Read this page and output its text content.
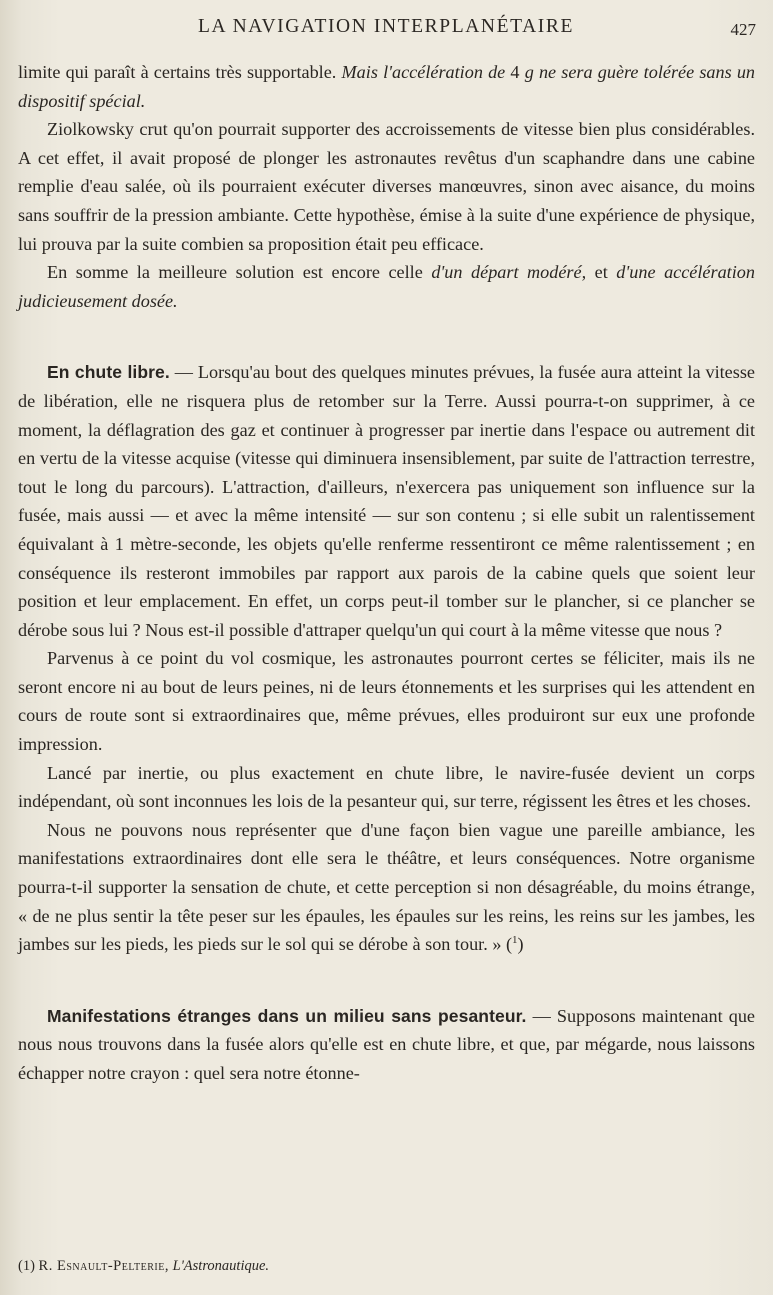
LA NAVIGATION INTERPLANÉTAIRE	427

limite qui paraît à certains très supportable. Mais l'accélération de 4 g ne sera guère tolérée sans un dispositif spécial.

Ziolkowsky crut qu'on pourrait supporter des accroissements de vitesse bien plus considérables. A cet effet, il avait proposé de plonger les astronautes revêtus d'un scaphandre dans une cabine remplie d'eau salée, où ils pourraient exécuter diverses manœuvres, sinon avec aisance, du moins sans souffrir de la pression ambiante. Cette hypothèse, émise à la suite d'une expérience de physique, lui prouva par la suite combien sa proposition était peu efficace.

En somme la meilleure solution est encore celle d'un départ modéré, et d'une accélération judicieusement dosée.

En chute libre. — Lorsqu'au bout des quelques minutes prévues, la fusée aura atteint la vitesse de libération, elle ne risquera plus de retomber sur la Terre. Aussi pourra-t-on supprimer, à ce moment, la déflagration des gaz et continuer à progresser par inertie dans l'espace ou autrement dit en vertu de la vitesse acquise (vitesse qui diminuera insensiblement, par suite de l'attraction terrestre, tout le long du parcours). L'attraction, d'ailleurs, n'exercera pas uniquement son influence sur la fusée, mais aussi — et avec la même intensité — sur son contenu ; si elle subit un ralentissement équivalant à 1 mètre-seconde, les objets qu'elle renferme ressentiront ce même ralentissement ; en conséquence ils resteront immobiles par rapport aux parois de la cabine quels que soient leur position et leur emplacement. En effet, un corps peut-il tomber sur le plancher, si ce plancher se dérobe sous lui ? Nous est-il possible d'attraper quelqu'un qui court à la même vitesse que nous ?

Parvenus à ce point du vol cosmique, les astronautes pourront certes se féliciter, mais ils ne seront encore ni au bout de leurs peines, ni de leurs étonnements et les surprises qui les attendent en cours de route sont si extraordinaires que, même prévues, elles produiront sur eux une profonde impression.

Lancé par inertie, ou plus exactement en chute libre, le navire-fusée devient un corps indépendant, où sont inconnues les lois de la pesanteur qui, sur terre, régissent les êtres et les choses.

Nous ne pouvons nous représenter que d'une façon bien vague une pareille ambiance, les manifestations extraordinaires dont elle sera le théâtre, et leurs conséquences. Notre organisme pourra-t-il supporter la sensation de chute, et cette perception si non désagréable, du moins étrange, « de ne plus sentir la tête peser sur les épaules, les épaules sur les reins, les reins sur les jambes, les jambes sur les pieds, les pieds sur le sol qui se dérobe à son tour. » ($^1$)

Manifestations étranges dans un milieu sans pesanteur. — Supposons maintenant que nous nous trouvons dans la fusée alors qu'elle est en chute libre, et que, par mégarde, nous laissons échapper notre crayon : quel sera notre étonne-

(1) R. Esnault-Pelterie, L'Astronautique.
